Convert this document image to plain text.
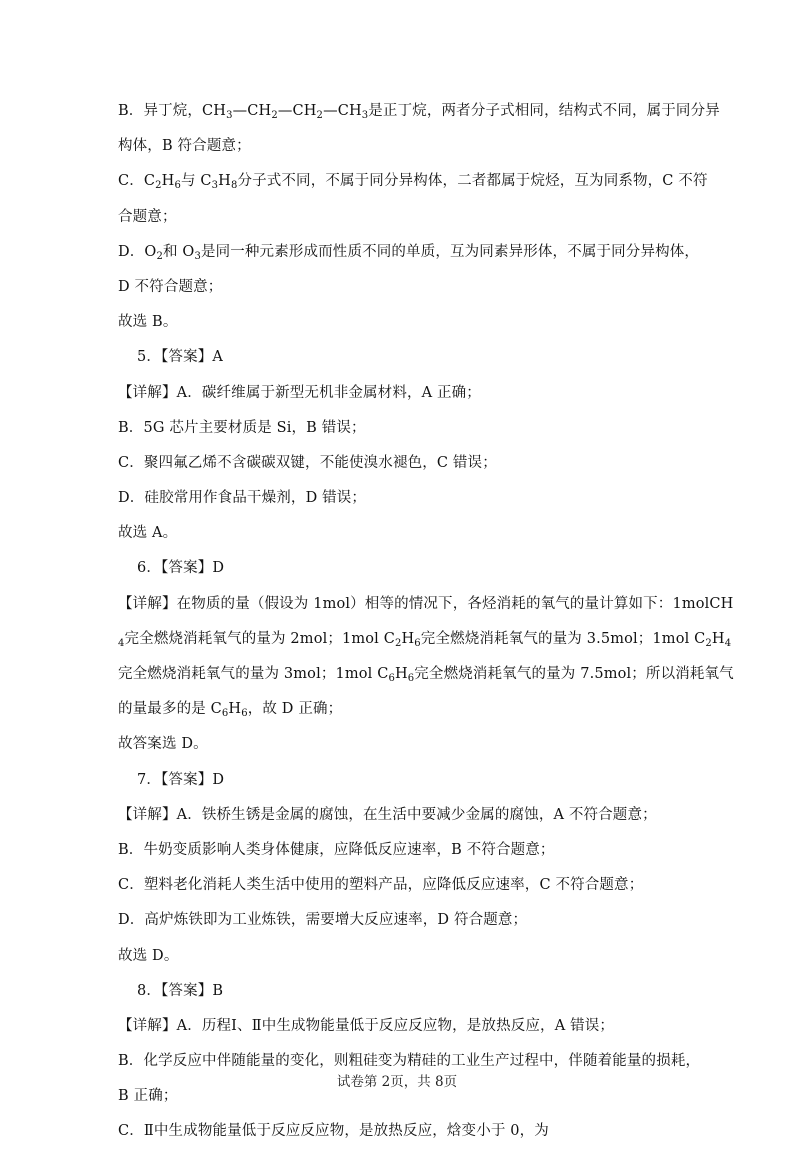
B．异丁烷，$CH_3—CH_2—CH_2—CH_3$是正丁烷，两者分子式相同，结构式不同，属于同分异
构体，B 符合题意；
C．$C_2H_6$与 $C_3H_8$分子式不同，不属于同分异构体，二者都属于烷烃，互为同系物，C 不符
合题意；
D．$O_2$和 $O_3$是同一种元素形成而性质不同的单质，互为同素异形体，不属于同分异构体，
D 不符合题意；
故选 B。
5．【答案】A
【详解】A．碳纤维属于新型无机非金属材料，A 正确；
B．5G 芯片主要材质是 Si，B 错误；
C．聚四氟乙烯不含碳碳双键，不能使溴水褪色，C 错误；
D．硅胶常用作食品干燥剂，D 错误；
故选 A。
6．【答案】D
【详解】在物质的量（假设为 1mol）相等的情况下，各烃消耗的氧气的量计算如下：1molCH
$_4$完全燃烧消耗氧气的量为 2mol；1mol $C_2H_6$完全燃烧消耗氧气的量为 3.5mol；1mol $C_2H_4$
完全燃烧消耗氧气的量为 3mol；1mol $C_6H_6$完全燃烧消耗氧气的量为 7.5mol；所以消耗氧气
的量最多的是 $C_6H_6$，故 D 正确；
故答案选 D。
7．【答案】D
【详解】A．铁桥生锈是金属的腐蚀，在生活中要减少金属的腐蚀，A 不符合题意；
B．牛奶变质影响人类身体健康，应降低反应速率，B 不符合题意；
C．塑料老化消耗人类生活中使用的塑料产品，应降低反应速率，C 不符合题意；
D．高炉炼铁即为工业炼铁，需要增大反应速率，D 符合题意；
故选 D。
8．【答案】B
【详解】A．历程Ⅰ、Ⅱ中生成物能量低于反应反应物，是放热反应，A 错误；
B．化学反应中伴随能量的变化，则粗硅变为精硅的工业生产过程中，伴随着能量的损耗，
B 正确；
C．Ⅱ中生成物能量低于反应反应物，是放热反应，焓变小于 0，为
试卷第 2页，共 8页
